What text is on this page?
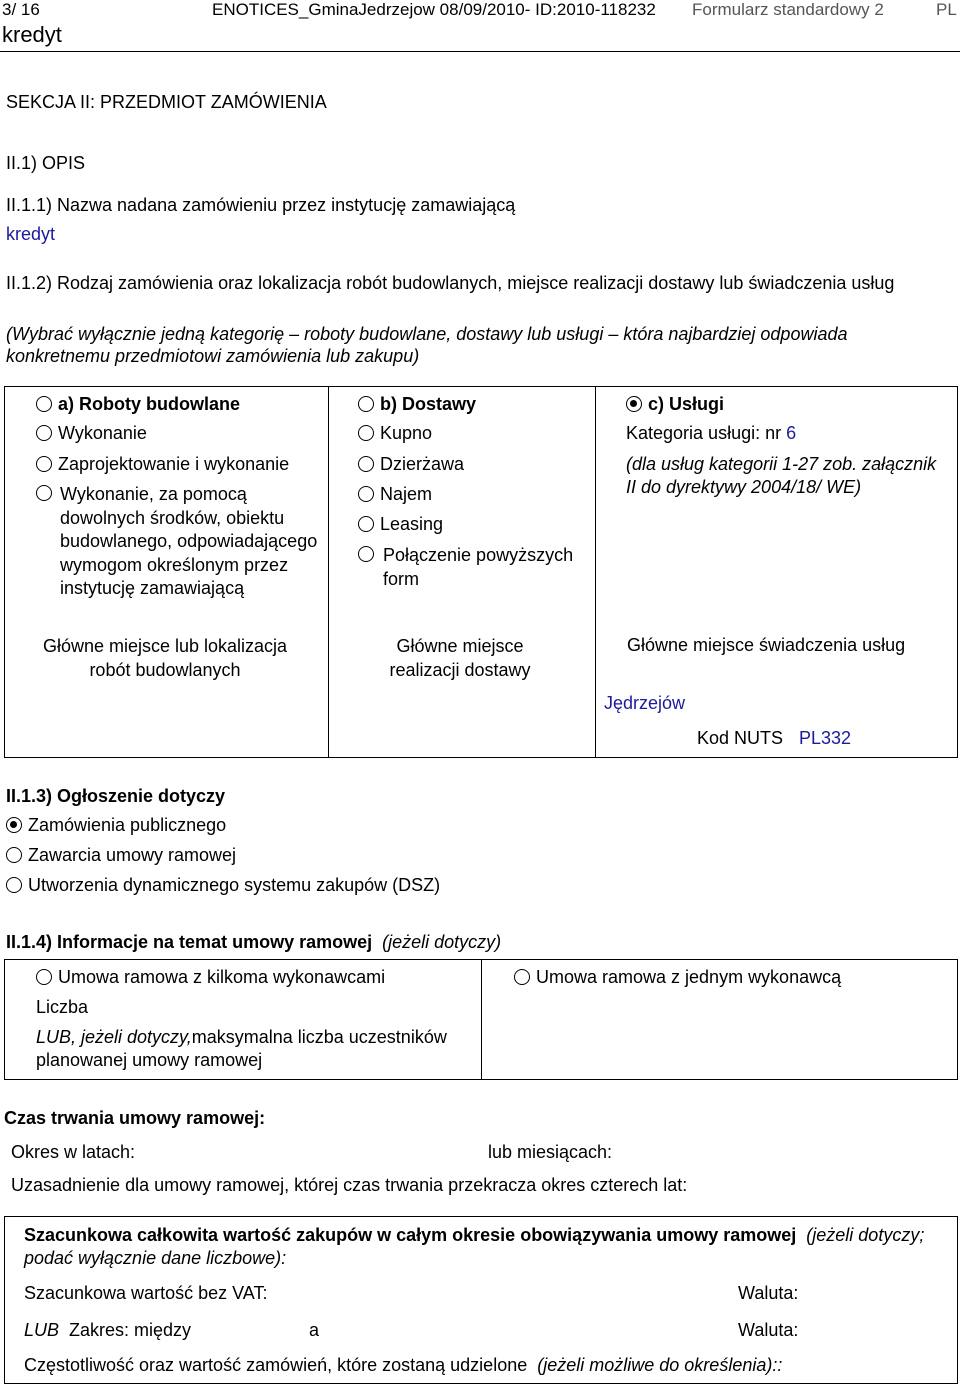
3/ 16	ENOTICES_GminaJedrzejow 08/09/2010- ID:2010-118232 Formularz standardowy 2	PL
kredyt
SEKCJA II: PRZEDMIOT ZAMÓWIENIA
II.1) OPIS
II.1.1) Nazwa nadana zamówieniu przez instytucję zamawiającą
kredyt
II.1.2) Rodzaj zamówienia oraz lokalizacja robót budowlanych, miejsce realizacji dostawy lub świadczenia usług
(Wybrać wyłącznie jedną kategorię – roboty budowlane, dostawy lub usługi – która najbardziej odpowiada konkretnemu przedmiotowi zamówienia lub zakupu)
a) Roboty budowlane
Wykonanie
Zaprojektowanie i wykonanie
Wykonanie, za pomocą dowolnych środków, obiektu budowlanego, odpowiadającego wymogom określonym przez instytucję zamawiającą
Główne miejsce lub lokalizacja robót budowlanych
b) Dostawy
Kupno
Dzierżawa
Najem
Leasing
Połączenie powyższych form
Główne miejsce realizacji dostawy
c) Usługi
Kategoria usługi: nr 6
(dla usług kategorii 1-27 zob. załącznik II do dyrektywy 2004/18/ WE)
Główne miejsce świadczenia usług
Jędrzejów
Kod NUTS PL332
II.1.3) Ogłoszenie dotyczy
Zamówienia publicznego
Zawarcia umowy ramowej
Utworzenia dynamicznego systemu zakupów (DSZ)
II.1.4) Informacje na temat umowy ramowej (jeżeli dotyczy)
Umowa ramowa z kilkoma wykonawcami
Liczba
LUB, jeżeli dotyczy,maksymalna liczba uczestników planowanej umowy ramowej
Umowa ramowa z jednym wykonawcą
Czas trwania umowy ramowej:
Okres w latach:	lub miesiącach:
Uzasadnienie dla umowy ramowej, której czas trwania przekracza okres czterech lat:
Szacunkowa całkowita wartość zakupów w całym okresie obowiązywania umowy ramowej (jeżeli dotyczy; podać wyłącznie dane liczbowe):
Szacunkowa wartość bez VAT:	Waluta:
LUB Zakres: między	a	Waluta:
Częstotliwość oraz wartość zamówień, które zostaną udzielone (jeżeli możliwe do określenia)::
